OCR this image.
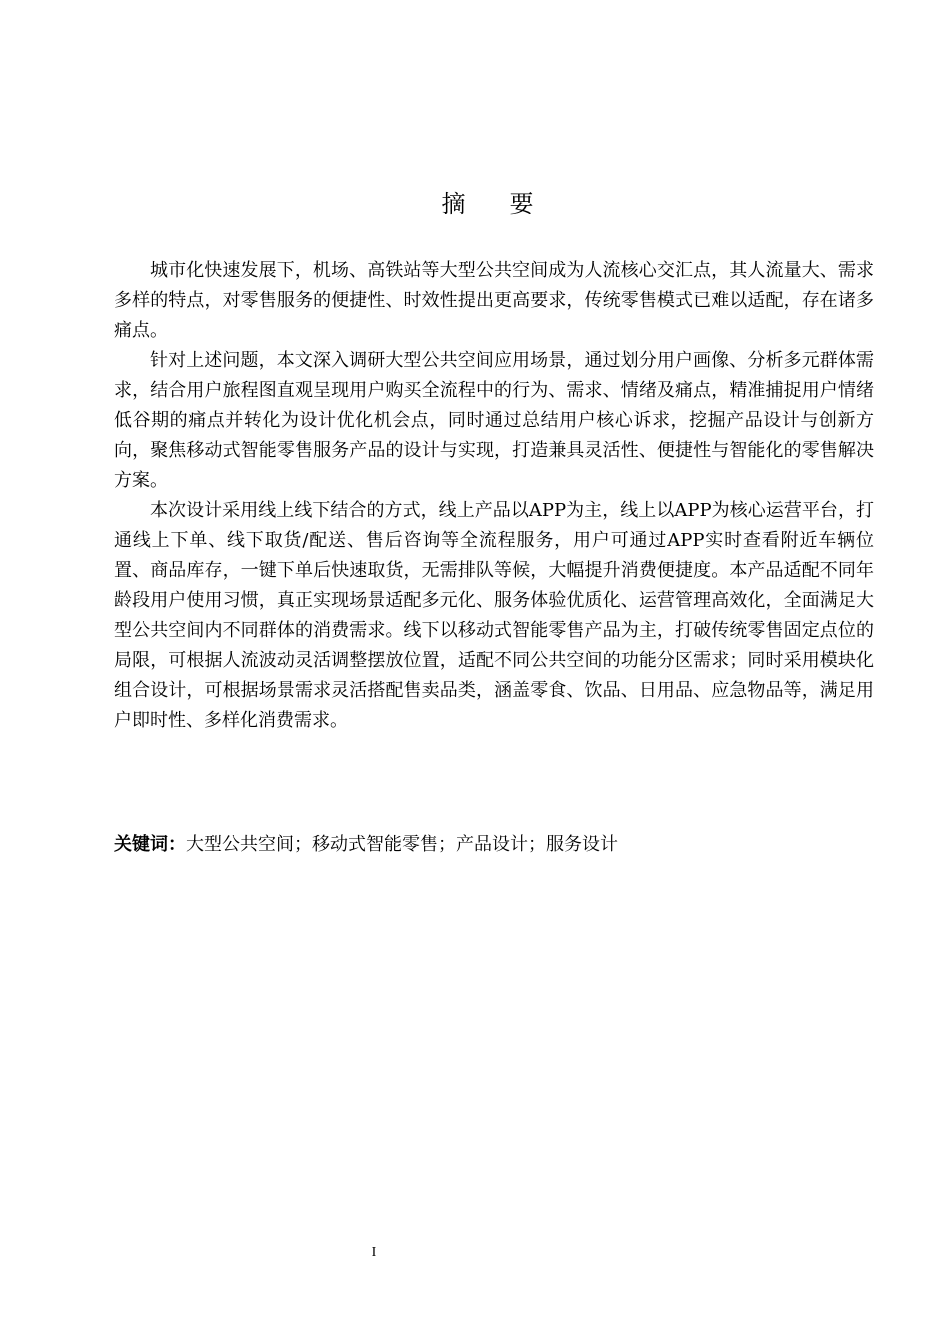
摘 要

城市化快速发展下，机场、高铁站等大型公共空间成为人流核心交汇点，其人流量大、需求多样的特点，对零售服务的便捷性、时效性提出更高要求，传统零售模式已难以适配，存在诸多痛点。

针对上述问题，本文深入调研大型公共空间应用场景，通过划分用户画像、分析多元群体需求，结合用户旅程图直观呈现用户购买全流程中的行为、需求、情绪及痛点，精准捕捉用户情绪低谷期的痛点并转化为设计优化机会点，同时通过总结用户核心诉求，挖掘产品设计与创新方向，聚焦移动式智能零售服务产品的设计与实现，打造兼具灵活性、便捷性与智能化的零售解决方案。

本次设计采用线上线下结合的方式，线上产品以APP为主，线上以APP为核心运营平台，打通线上下单、线下取货/配送、售后咨询等全流程服务，用户可通过APP实时查看附近车辆位置、商品库存，一键下单后快速取货，无需排队等候，大幅提升消费便捷度。本产品适配不同年龄段用户使用习惯，真正实现场景适配多元化、服务体验优质化、运营管理高效化，全面满足大型公共空间内不同群体的消费需求。线下以移动式智能零售产品为主，打破传统零售固定点位的局限，可根据人流波动灵活调整摆放位置，适配不同公共空间的功能分区需求；同时采用模块化组合设计，可根据场景需求灵活搭配售卖品类，涵盖零食、饮品、日用品、应急物品等，满足用户即时性、多样化消费需求。

关键词：大型公共空间；移动式智能零售；产品设计；服务设计

I
